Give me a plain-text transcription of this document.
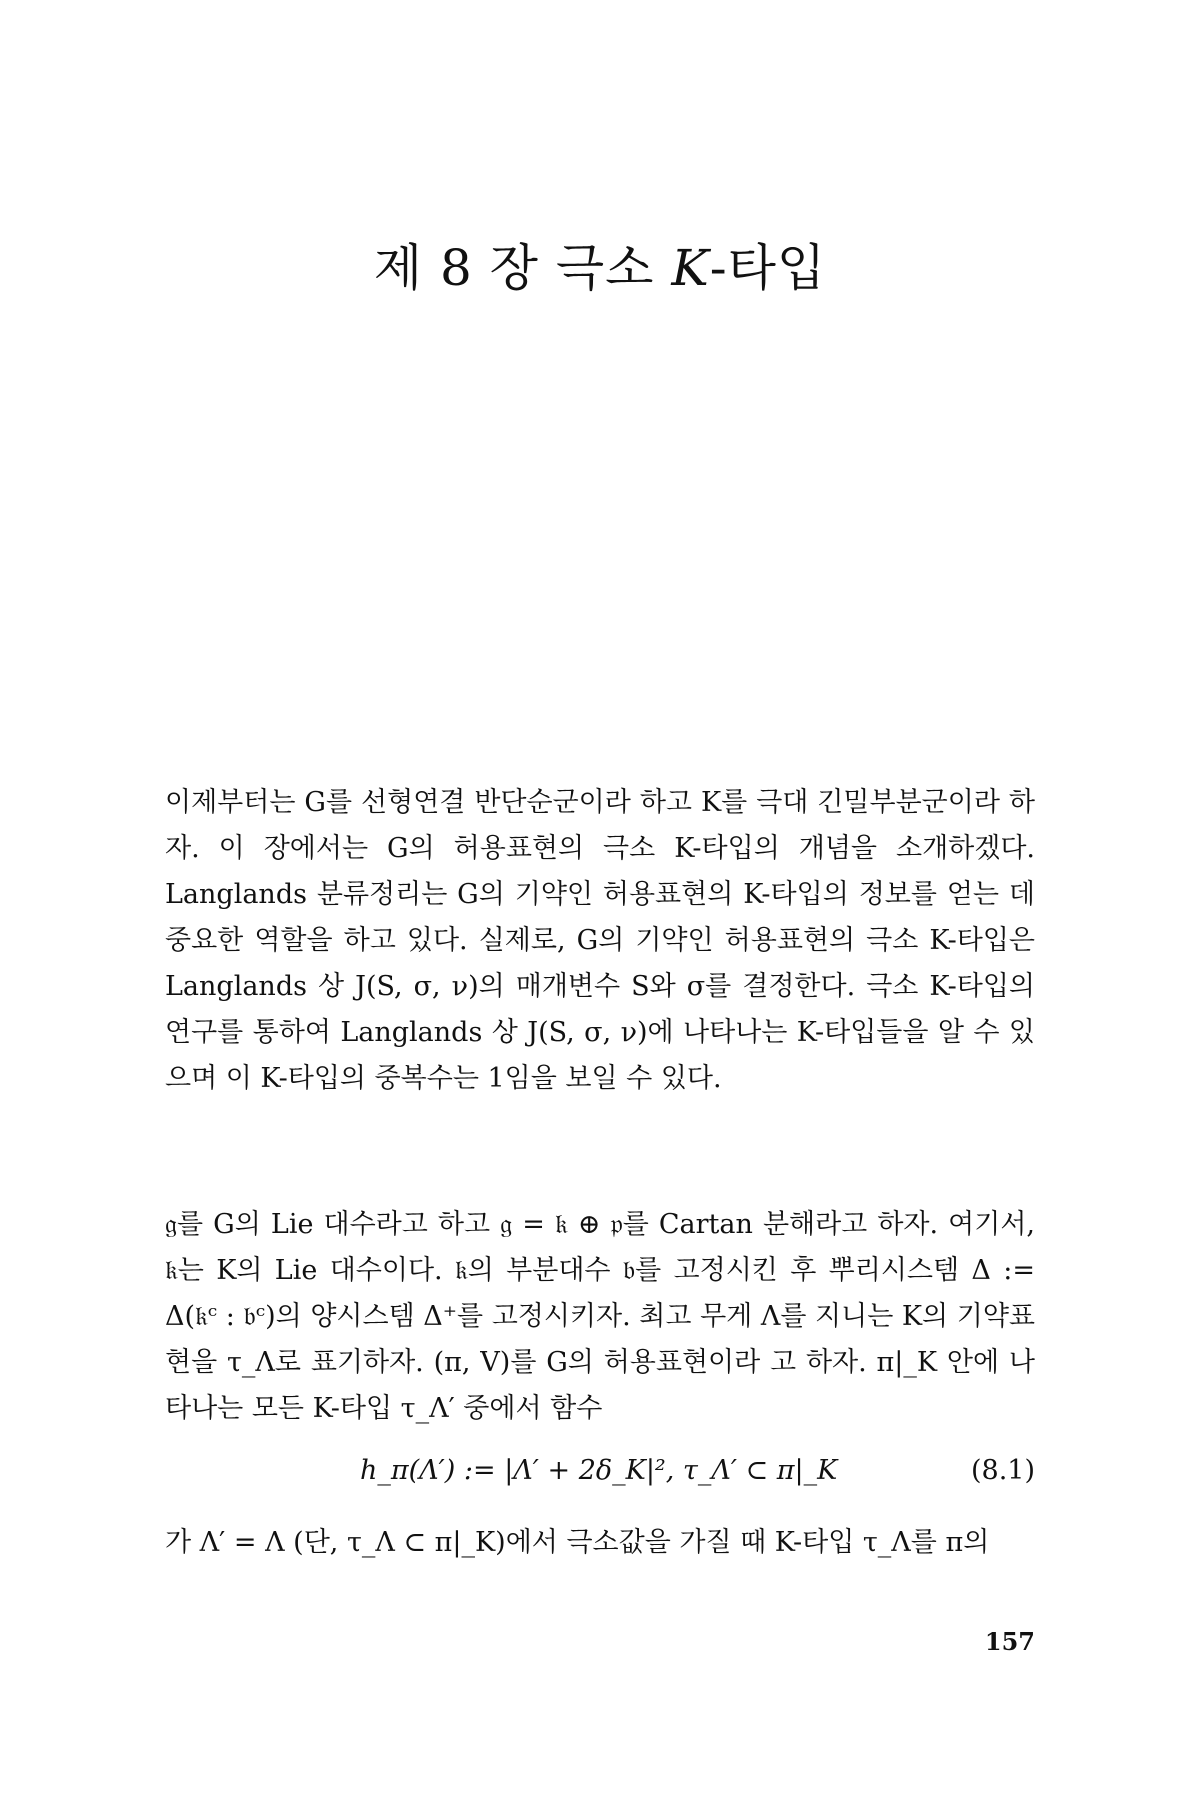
제 8 장 극소 K-타입
이제부터는 G를 선형연결 반단순군이라 하고 K를 극대 긴밀부분군이라 하자. 이 장에서는 G의 허용표현의 극소 K-타입의 개념을 소개하겠다. Langlands 분류정리는 G의 기약인 허용표현의 K-타입의 정보를 얻는 데 중요한 역할을 하고 있다. 실제로, G의 기약인 허용표현의 극소 K-타입은 Langlands 상 J(S, σ, ν)의 매개변수 S와 σ를 결정한다. 극소 K-타입의 연구를 통하여 Langlands 상 J(S, σ, ν)에 나타나는 K-타입들을 알 수 있으며 이 K-타입의 중복수는 1임을 보일 수 있다.
𝔤를 G의 Lie 대수라고 하고 𝔤 = 𝔨 ⊕ 𝔭를 Cartan 분해라고 하자. 여기서, 𝔨는 K의 Lie 대수이다. 𝔨의 부분대수 𝔟를 고정시킨 후 뿌리시스템 Δ := Δ(𝔨ᶜ : 𝔟ᶜ)의 양시스템 Δ⁺를 고정시키자. 최고 무게 Λ를 지니는 K의 기약표현을 τ_Λ로 표기하자. (π, V)를 G의 허용표현이라 고 하자. π|_K 안에 나타나는 모든 K-타입 τ_Λ′ 중에서 함수
h_π(Λ′) := |Λ′ + 2δ_K|², τ_Λ′ ⊂ π|_K	(8.1)
가 Λ′ = Λ (단, τ_Λ ⊂ π|_K)에서 극소값을 가질 때 K-타입 τ_Λ를 π의
157
